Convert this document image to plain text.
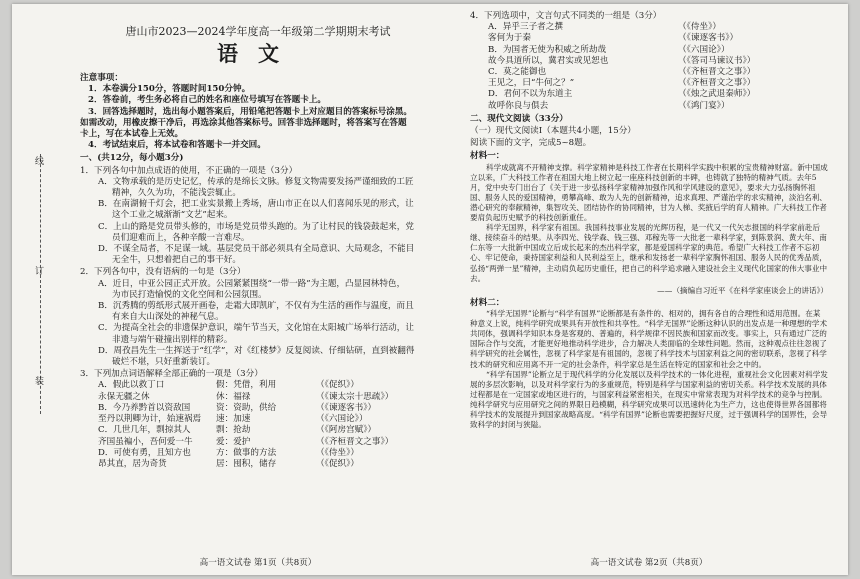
线
订
装
唐山市2023—2024学年度高一年级第二学期期末考试
语文

注意事项：

1．本卷满分150分，答题时间150分钟。

2．答卷前，考生务必将自己的姓名和座位号填写在答题卡上。

3．回答选择题时，选出每小题答案后，用铅笔把答题卡上对应题目的答案标号涂黑。

如需改动，用橡皮擦干净后，再选涂其他答案标号。回答非选择题时，将答案写在答题

卡上，写在本试卷上无效。

4．考试结束后，将本试卷和答题卡一并交回。

一、(共12分，每小题3分)

1．下列各句中加点成语的使用，不正确的一项是（3分）

A．文物承载的是历史记忆，传承的是绵长文脉。修复文物需要发扬严谨细致的工匠

精神，久久为功，不能浅尝辄止。

B．在南湖俯千灯会，把工业实景搬上秀场，唐山市正在以人们喜闻乐见的形式，让

这个工业之城渐渐“文艺”起来。

C．上山的路是党员带头修的，市场是党员带头跑的。为了让村民的钱袋鼓起来，党

员们迎难而上，各种辛酸一言难尽。

D．不谋全局者，不足谋一域。基层党员干部必须具有全局意识、大局观念，不能目

无全牛，只想着把自己的事干好。

2．下列各句中，没有语病的一句是（3分）

A．近日，中亚公园正式开放。公园紧紧围绕“一带一路”为主题，凸显园林特色，

为市民打造愉悦的文化空间和公园氛围。

B．沉秀腾的剪纸形式展开画卷，走霜大即凯旷，不仅有为生活的画作与温度，而且

有来自大山深处的神秘气息。

C．为提高全社会的非遗保护意识，端午节当天，文化馆在太阳城广场举行活动，让

非遗与端午碰撞出别样的精彩。

D．周孜昌先生一生挥送于“红学”，对《红楼梦》反复阅读、仔细钻研，直到被翻得

破烂不堪，只好重新装订。

3．下列加点词语解释全部正确的一项是（3分）

A．假此以救丁口	假：凭借，利用	（《促织》）
永保无疆之休	休：福禄	（《谏太宗十思疏》）
B．今乃养黔首以资敌国	资：资助，供给	（《谏逐客书》）
至丹以荆卿为计，始速祸焉	速：加速	（《六国论》）
C．几世几年，剽掠其人	剽：抢劫	（《阿房宫赋》）
齐国虽褊小，吾何爱一牛	爱：爱护	（《齐桓晋文之事》）
D．可使有勇，且知方也	方：做事的方法	（《侍坐》）
昂其直，居为奇货	居：囤积，储存	（《促织》）
高一语文试卷 第1页（共8页）

4．下列选项中，文言句式不同类的一组是（3分）

A．异乎三子者之撰	（《侍坐》）
客何为于秦	（《谏逐客书》）
B．为国者无使为积威之所劫哉	（《六国论》）
故今具道所以，冀君实或见恕也	（《答司马谏议书》）
C．莫之能御也	（《齐桓晋文之事》）
王见之，曰“牛何之？”	（《齐桓晋文之事》）
D．君何不以为东道主	（《烛之武退秦师》）
故呼你良与俱去	（《鸿门宴》）

二、现代文阅读（33分）

（一）现代文阅读Ⅰ（本题共4小题，15分）

阅读下面的文字，完成5~8题。

材料一：

科学成就离不开精神支撑。科学家精神是科技工作者在长期科学实践中积累的宝贵精神财富。新中国成立以来，广大科技工作者在祖国大地上树立起一座座科技创新的丰碑，也铸就了独特的精神气质。去年5月，党中央专门出台了《关于进一步弘扬科学家精神加强作风和学风建设的意见》，要求大力弘扬胸怀祖国、服务人民的爱国精神，勇攀高峰、敢为人先的创新精神，追求真理、严谨治学的求实精神，淡泊名利、潜心研究的奉献精神，集智攻关、团结协作的协同精神，甘为人梯、奖掖后学的育人精神。广大科技工作者要肩负起历史赋予的科技创新重任。

科学无国界，科学家有祖国。我国科技事业发展的光辉历程，是一代又一代矢志报国的科学家前赴后继、接续奋斗的结果。从李四光、钱学森、钱三强、邓稼先等一大批老一辈科学家，到陈景润、黄大年、南仁东等一大批新中国成立后成长起来的杰出科学家，都是爱国科学家的典范。希望广大科技工作者不忘初心、牢记使命，秉持国家利益和人民利益至上，继承和发扬老一辈科学家胸怀祖国、服务人民的优秀品质，弘扬“两弹一星”精神，主动肩负起历史重任，把自己的科学追求融入建设社会主义现代化国家的伟大事业中去。

——（摘编自习近平《在科学家座谈会上的讲话》）

材料二：

“科学无国界”论断与“科学有国界”论断都是有条件的、相对的，拥有各自的合理性和适用范围。在某种意义上说，纯科学研究成果具有开放性和共享性。“科学无国界”论断这种认识的出发点是一种理想的学术共同体，强调科学知识本身是客观的、普遍的，科学规律不因民族和国家而改变。事实上，只有通过广泛的国际合作与交流，才能更好地推动科学进步，合力解决人类面临的全球性问题。然而，这种观点往往忽视了科学研究的社会属性，忽视了科学家是有祖国的，忽视了科学技术与国家利益之间的密切联系，忽视了科学技术的研究和应用离不开一定的社会条件，科学家总是生活在特定的国家和社会之中的。

“科学有国界”论断立足于现代科学的分化发展以及科学技术的一体化进程，重视社会文化因素对科学发展的多层次影响，以及对科学家行为的多重规范，特别是科学与国家利益的密切关系。科学技术发展的具体过程都是在一定国家或地区进行的，与国家利益紧密相关，在现实中常常表现为对科学技术的竞争与控制。纯科学研究与应用研究之间的界限日趋模糊，科学研究成果可以迅速转化为生产力，这也使得世界各国都将科学技术的发展提升到国家战略高度。“科学有国界”论断也需要把握好尺度，过于强调科学的国界性，会导致科学的封闭与狭隘。

高一语文试卷 第2页（共8页）
